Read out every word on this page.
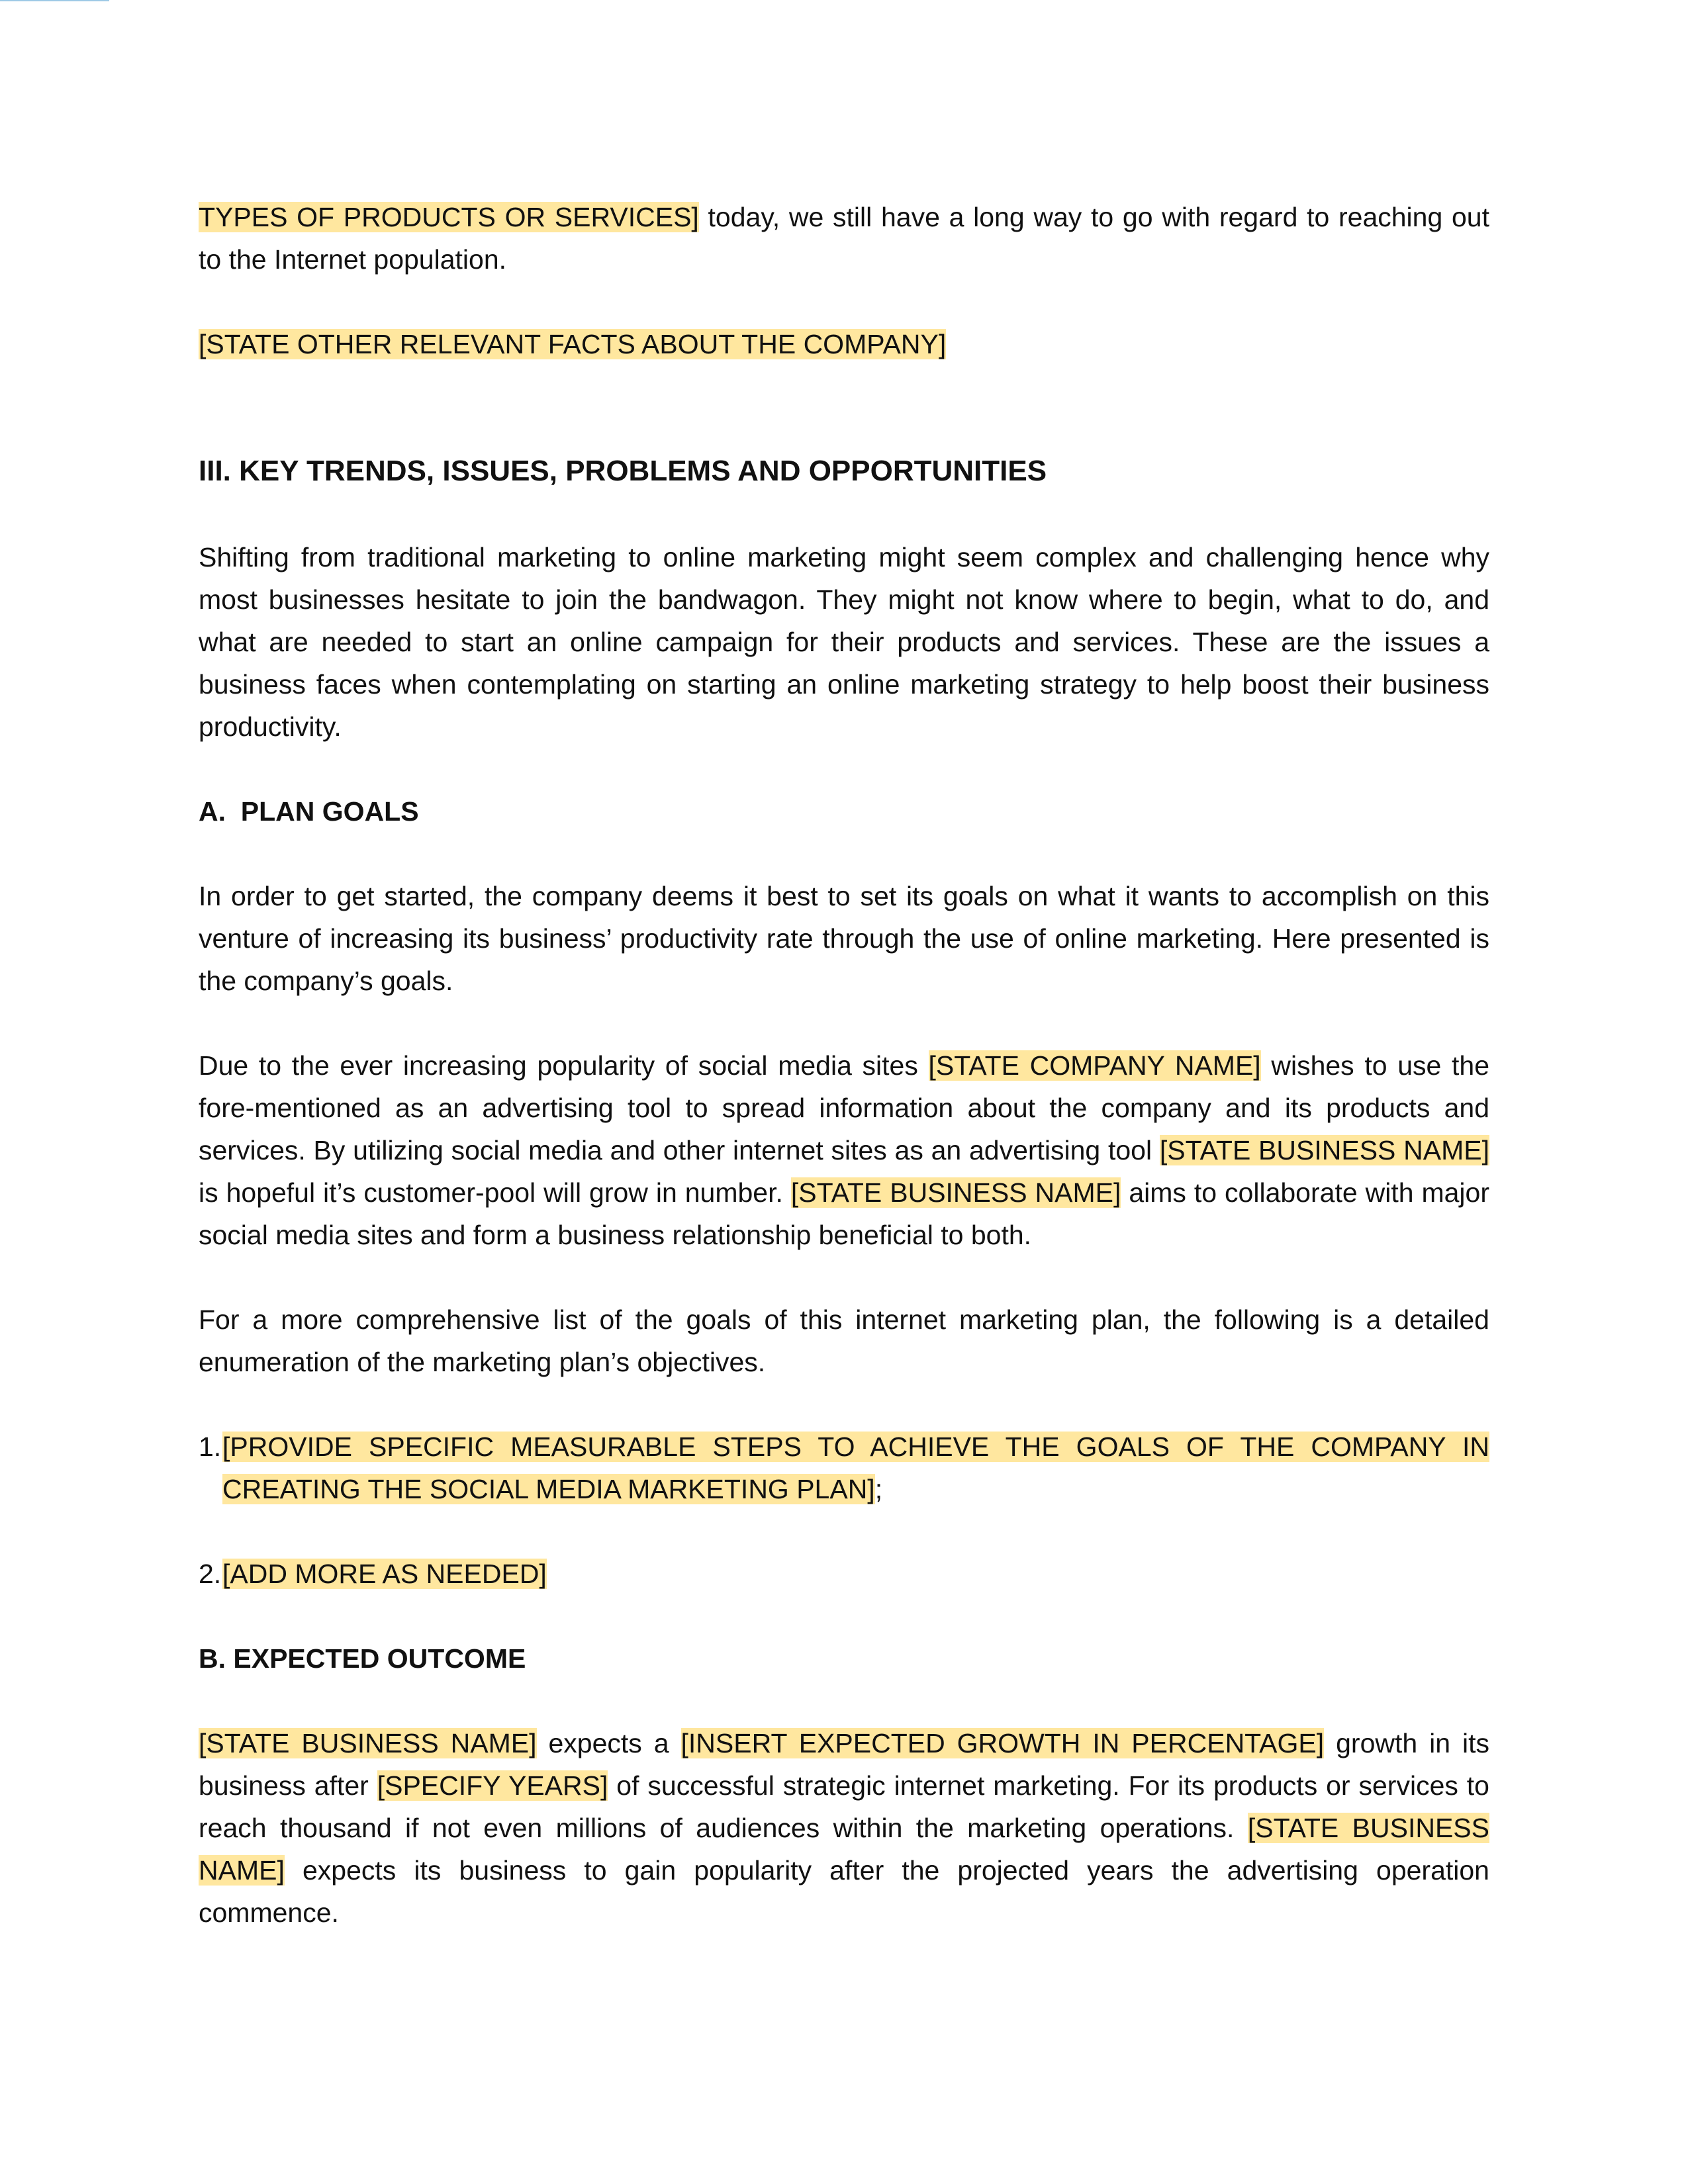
TYPES OF PRODUCTS OR SERVICES] today, we still have a long way to go with regard to reaching out to the Internet population.

[STATE OTHER RELEVANT FACTS ABOUT THE COMPANY]

III. KEY TRENDS, ISSUES, PROBLEMS AND OPPORTUNITIES

Shifting from traditional marketing to online marketing might seem complex and challenging hence why most businesses hesitate to join the bandwagon. They might not know where to begin, what to do, and what are needed to start an online campaign for their products and services. These are the issues a business faces when contemplating on starting an online marketing strategy to help boost their business productivity.

A.  PLAN GOALS

In order to get started, the company deems it best to set its goals on what it wants to accomplish on this venture of increasing its business’ productivity rate through the use of online marketing. Here presented is the company’s goals.

Due to the ever increasing popularity of social media sites [STATE COMPANY NAME] wishes to use the fore-mentioned as an advertising tool to spread information about the company and its products and services. By utilizing social media and other internet sites as an advertising tool [STATE BUSINESS NAME] is hopeful it’s customer-pool will grow in number. [STATE BUSINESS NAME] aims to collaborate with major social media sites and form a business relationship beneficial to both.

For a more comprehensive list of the goals of this internet marketing plan, the following is a detailed enumeration of the marketing plan’s objectives.

1. [PROVIDE SPECIFIC MEASURABLE STEPS TO ACHIEVE THE GOALS OF THE COMPANY IN CREATING THE SOCIAL MEDIA MARKETING PLAN];
2. [ADD MORE AS NEEDED]
B. EXPECTED OUTCOME

[STATE BUSINESS NAME] expects a [INSERT EXPECTED GROWTH IN PERCENTAGE] growth in its business after [SPECIFY YEARS] of successful strategic internet marketing. For its products or services to reach thousand if not even millions of audiences within the marketing operations. [STATE BUSINESS NAME] expects its business to gain popularity after the projected years the advertising operation commence.
